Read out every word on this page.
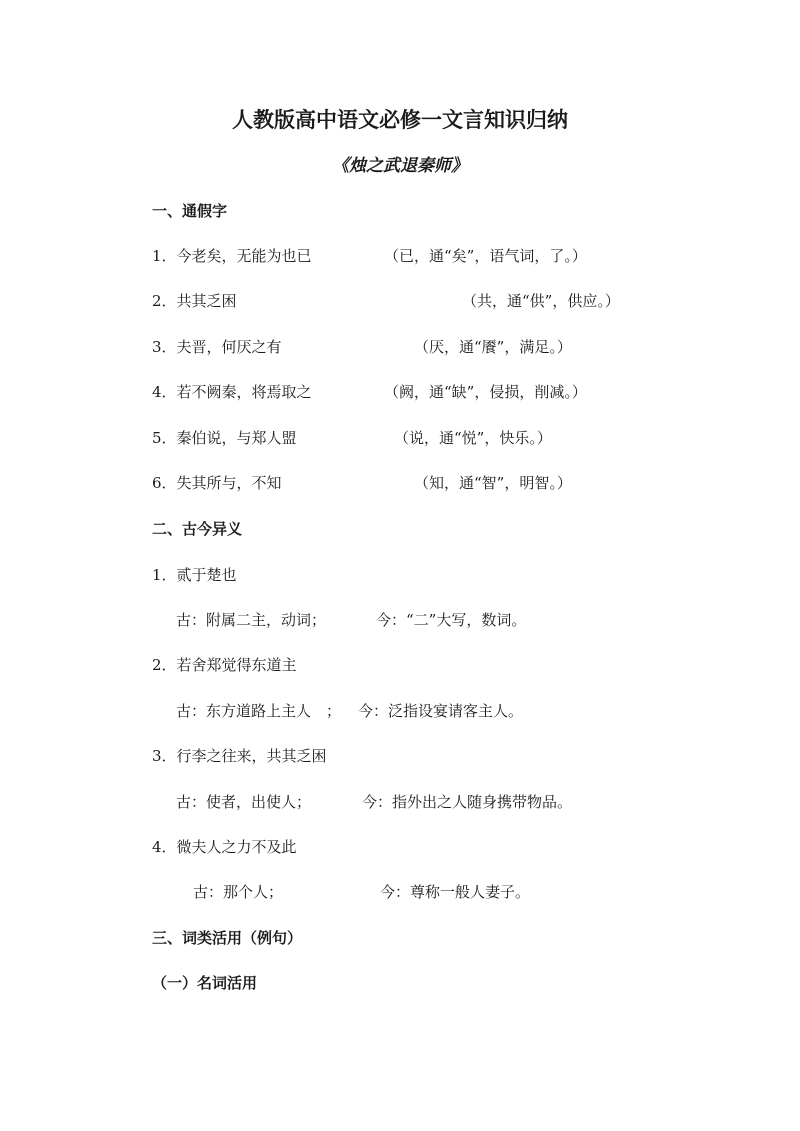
人教版高中语文必修一文言知识归纳
《烛之武退秦师》
一、通假字
1．今老矣，无能为也已	（已，通“矣”，语气词，了。）
2．共其乏困	（共，通“供”，供应。）
3．夫晋，何厌之有	（厌，通“餍”，满足。）
4．若不阙秦，将焉取之	（阙，通“缺”，侵损，削减。）
5．秦伯说，与郑人盟	（说，通“悦”，快乐。）
6．失其所与，不知	（知，通“智”，明智。）
二、古今异义
1．贰于楚也
古：附属二主，动词；	今：“二”大写，数词。
2．若舍郑觉得东道主
古：东方道路上主人　； 今：泛指设宴请客主人。
3．行李之往来，共其乏困
古：使者，出使人；	今：指外出之人随身携带物品。
4．微夫人之力不及此
古：那个人；	今：尊称一般人妻子。
三、词类活用（例句）
（一）名词活用
